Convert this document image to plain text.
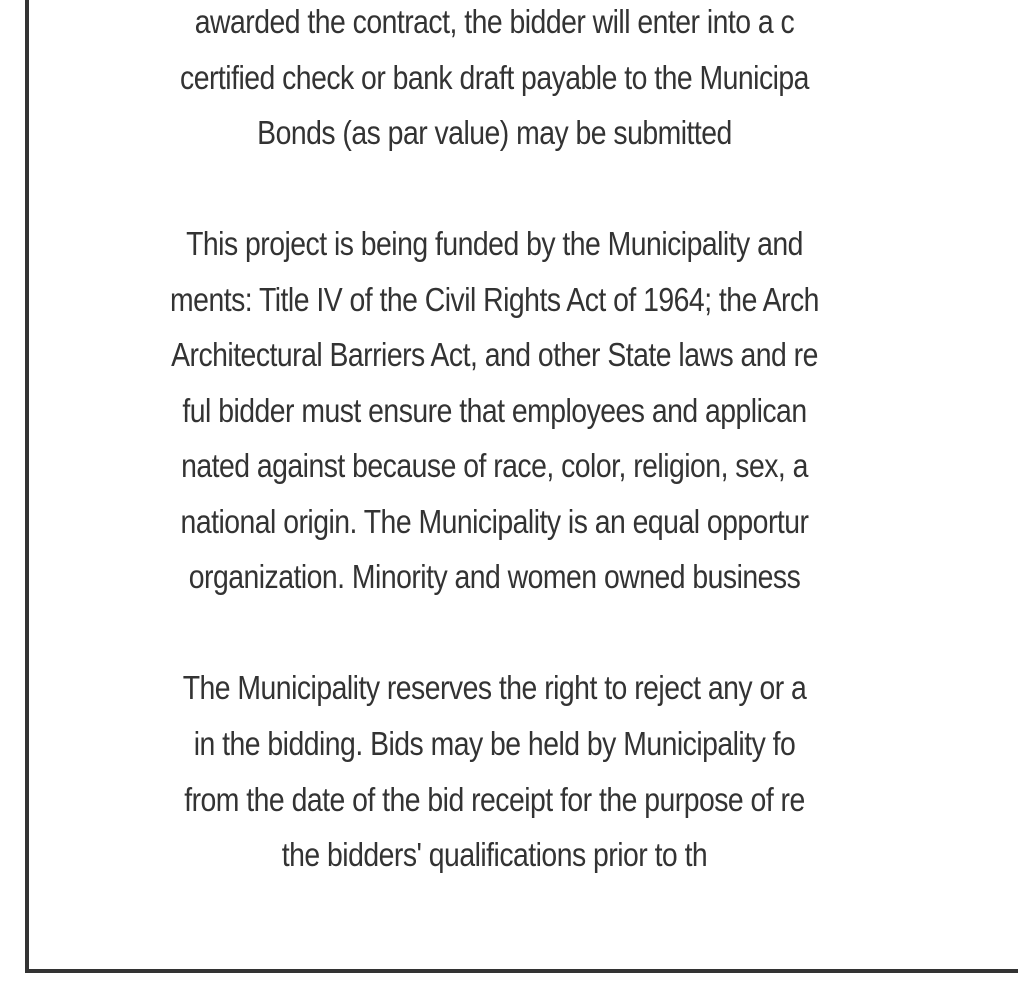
awarded the contract, the bidder will enter into a c
certified check or bank draft payable to the Municipa
Bonds (as par value) may be submitted
This project is being funded by the Municipality and
ments: Title IV of the Civil Rights Act of 1964; the Arch
Architectural Barriers Act, and other State laws and re
ful bidder must ensure that employees and applican
nated against because of race, color, religion, sex, a
national origin. The Municipality is an equal opportur
organization. Minority and women owned business
The Municipality reserves the right to reject any or a
in the bidding. Bids may be held by Municipality fo
from the date of the bid receipt for the purpose of re
the bidders' qualifications prior to th
